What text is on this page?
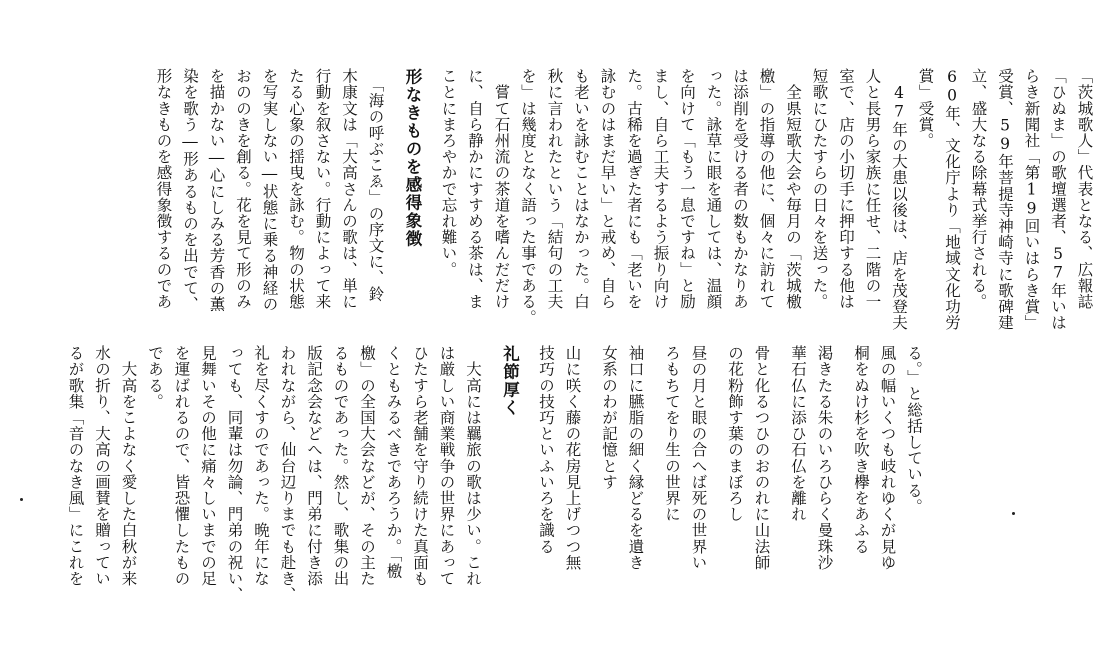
「茨城歌人」代表となる、広報誌
「ひぬま」の歌壇選者、57年いは
らき新聞社「第19回いはらき賞」
受賞、59年菩提寺神崎寺に歌碑建
立、盛大なる除幕式挙行される。
60年、文化庁より「地域文化功労
賞」受賞。
　47年の大患以後は、店を茂登夫
人と長男ら家族に任せ、二階の一
室で、店の小切手に押印する他は
短歌にひたすらの日々を送った。
　全県短歌大会や毎月の「茨城檄
檄」の指導の他に、個々に訪れて
は添削を受ける者の数もかなりあ
った。詠草に眼を通しては、温顔
を向けて「もう一息ですね」と励
まし、自ら工夫するよう振り向け
た。古稀を過ぎた者にも「老いを
詠むのはまだ早い」と戒め、自ら
も老いを詠むことはなかった。白
秋に言われたという「結句の工夫
を」は幾度となく語った事である。
　嘗て石州流の茶道を嗜んだだけ
に、自ら静かにすすめる茶は、ま
ことにまろやかで忘れ難い。
形なきものを感得象徴
　「海の呼ぶこゑ」の序文に、鈴
木康文は「大高さんの歌は、単に
行動を叙さない。行動によって来
たる心象の揺曳を詠む。物の状態
を写実しない―状態に乗る神経の
おののきを創る。花を見て形のみ
を描かない―心にしみる芳香の薫
染を歌う―形あるものを出でて、
形なきものを感得象徴するのであ
る。」と総括している。
風の幅いくつも岐れゆくが見ゆ
桐をぬけ杉を吹き欅をあふる
渇きたる朱のいろひらく曼珠沙
華石仏に添ひ石仏を離れ
骨と化るつひのおのれに山法師
の花粉飾す葉のまぼろし
昼の月と眼の合へば死の世界い
ろもちてをり生の世界に
袖口に臙脂の細く縁どるを遺き
女系のわが記憶とす
山に咲く藤の花房見上げつつ無
技巧の技巧といふいろを識る
礼節厚く
　大高には羈旅の歌は少い。これ
は厳しい商業戦争の世界にあって
ひたすら老舗を守り続けた真面も
くともみるべきであろうか。「檄
檄」の全国大会などが、その主た
るものであった。然し、歌集の出
版記念会などへは、門弟に付き添
われながら、仙台辺りまでも赴き、
礼を尽くすのであった。晩年にな
っても、同輩は勿論、門弟の祝い、
見舞いその他に痛々しいまでの足
を運ばれるので、皆恐懼したもの
である。
　大高をこよなく愛した白秋が来
水の折り、大高の画賛を贈ってい
るが歌集「音のなき風」にこれを
